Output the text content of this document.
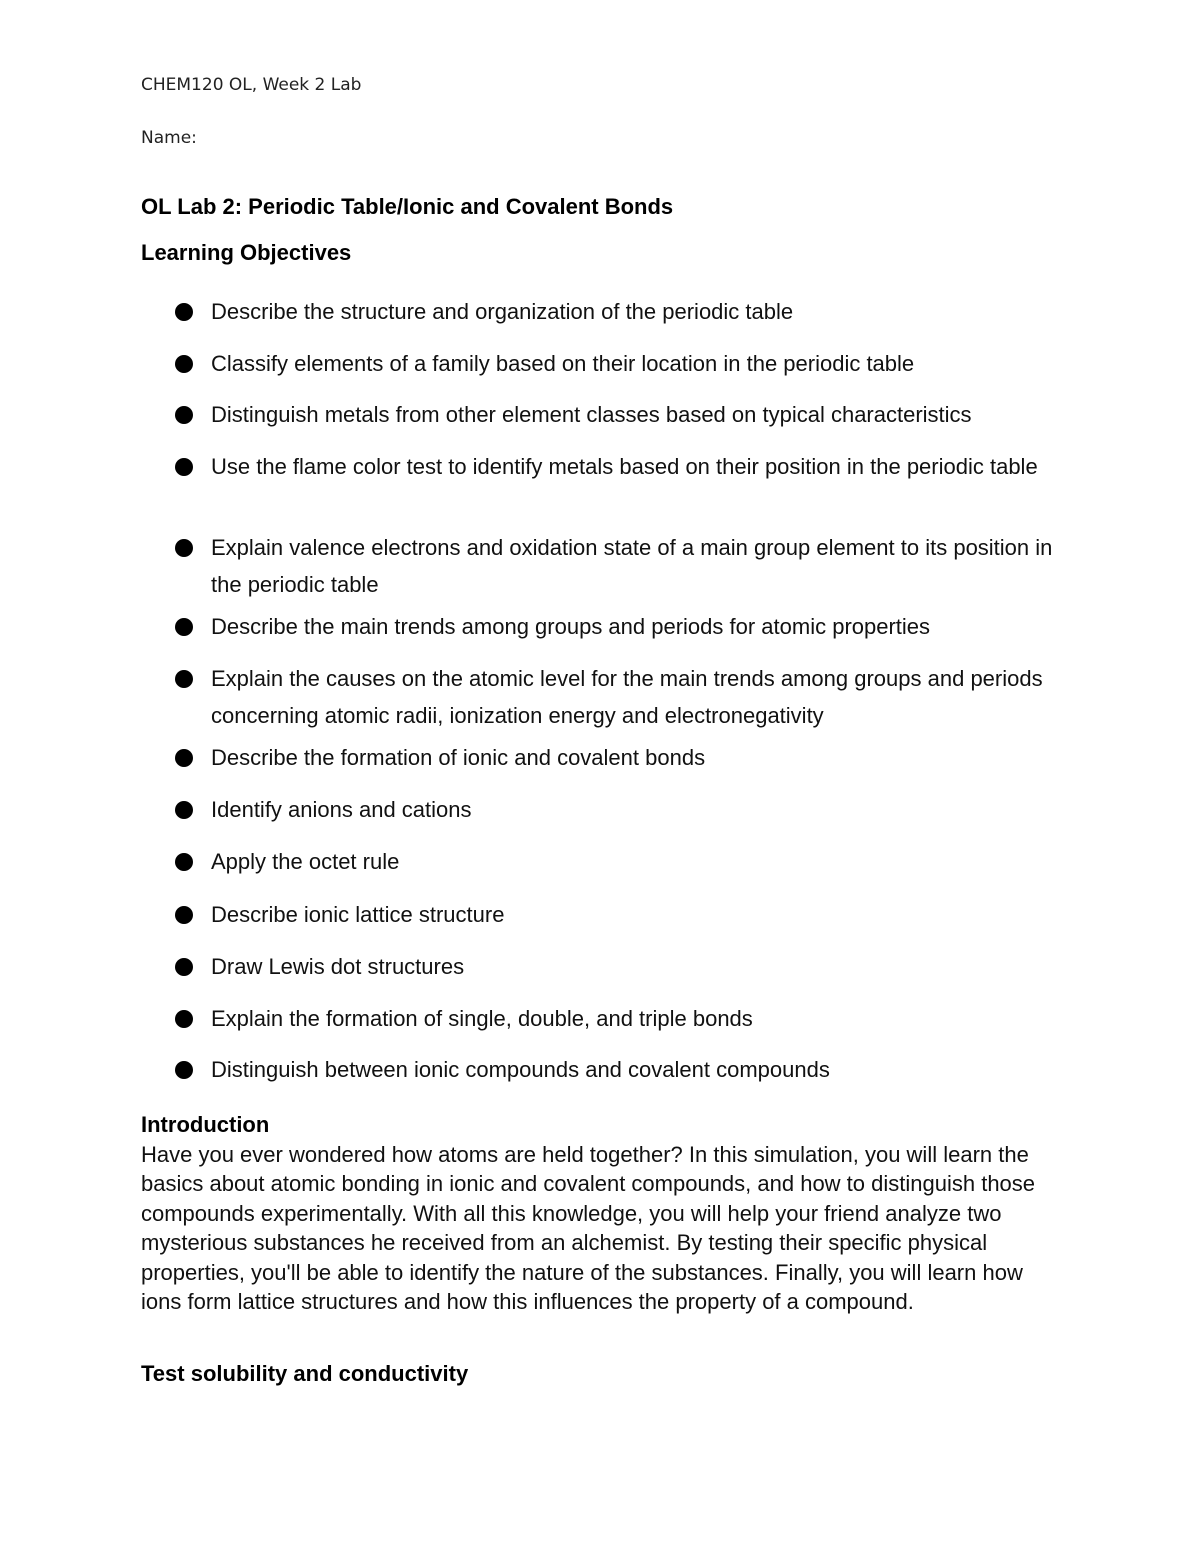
CHEM120 OL, Week 2 Lab
Name:
OL Lab 2: Periodic Table/Ionic and Covalent Bonds
Learning Objectives
Describe the structure and organization of the periodic table
Classify elements of a family based on their location in the periodic table
Distinguish metals from other element classes based on typical characteristics
Use the flame color test to identify metals based on their position in the periodic table
Explain valence electrons and oxidation state of a main group element to its position in the periodic table
Describe the main trends among groups and periods for atomic properties
Explain the causes on the atomic level for the main trends among groups and periods concerning atomic radii, ionization energy and electronegativity
Describe the formation of ionic and covalent bonds
Identify anions and cations
Apply the octet rule
Describe ionic lattice structure
Draw Lewis dot structures
Explain the formation of single, double, and triple bonds
Distinguish between ionic compounds and covalent compounds
Introduction
Have you ever wondered how atoms are held together? In this simulation, you will learn the basics about atomic bonding in ionic and covalent compounds, and how to distinguish those compounds experimentally. With all this knowledge, you will help your friend analyze two mysterious substances he received from an alchemist. By testing their specific physical properties, you'll be able to identify the nature of the substances. Finally, you will learn how ions form lattice structures and how this influences the property of a compound.
Test solubility and conductivity
